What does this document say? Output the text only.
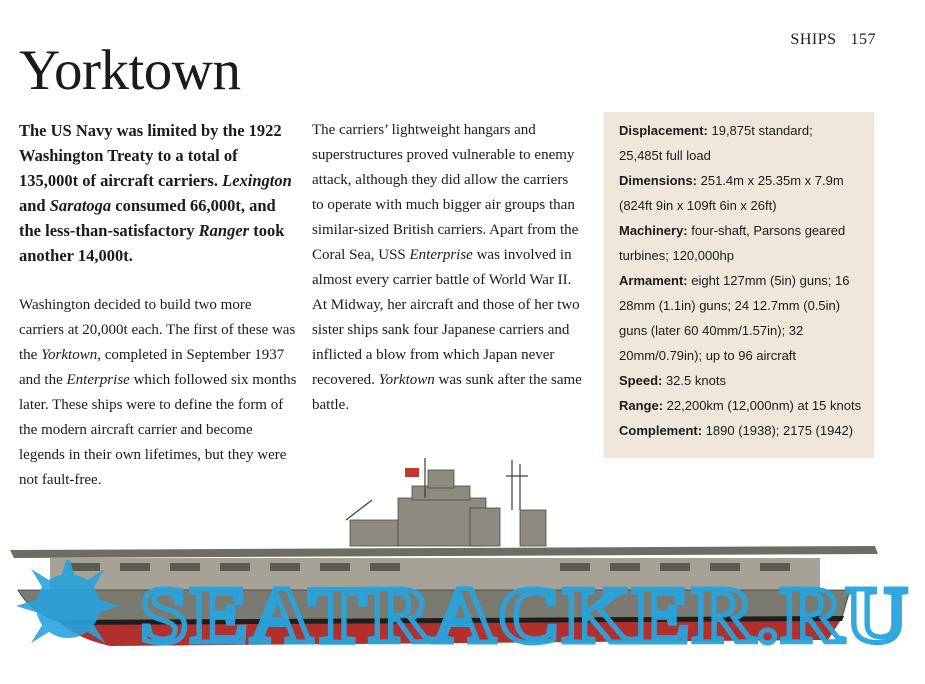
SHIPS 157
Yorktown
The US Navy was limited by the 1922 Washington Treaty to a total of 135,000t of aircraft carriers. Lexington and Saratoga consumed 66,000t, and the less-than-satisfactory Ranger took another 14,000t.
Washington decided to build two more carriers at 20,000t each. The first of these was the Yorktown, completed in September 1937 and the Enterprise which followed six months later. These ships were to define the form of the modern aircraft carrier and become legends in their own lifetimes, but they were not fault-free.
The carriers’ lightweight hangars and superstructures proved vulnerable to enemy attack, although they did allow the carriers to operate with much bigger air groups than similar-sized British carriers. Apart from the Coral Sea, USS Enterprise was involved in almost every carrier battle of World War II. At Midway, her aircraft and those of her two sister ships sank four Japanese carriers and inflicted a blow from which Japan never recovered. Yorktown was sunk after the same battle.
Displacement: 19,875t standard;
25,485t full load
Dimensions: 251.4m x 25.35m x 7.9m
(824ft 9in x 109ft 6in x 26ft)
Machinery: four-shaft, Parsons geared
turbines; 120,000hp
Armament: eight 127mm (5in) guns; 16
28mm (1.1in) guns; 24 12.7mm (0.5in)
guns (later 60 40mm/1.57in); 32
20mm/0.79in); up to 96 aircraft
Speed: 32.5 knots
Range: 22,200km (12,000nm) at 15 knots
Complement: 1890 (1938); 2175 (1942)
SEATRACKER.RU
